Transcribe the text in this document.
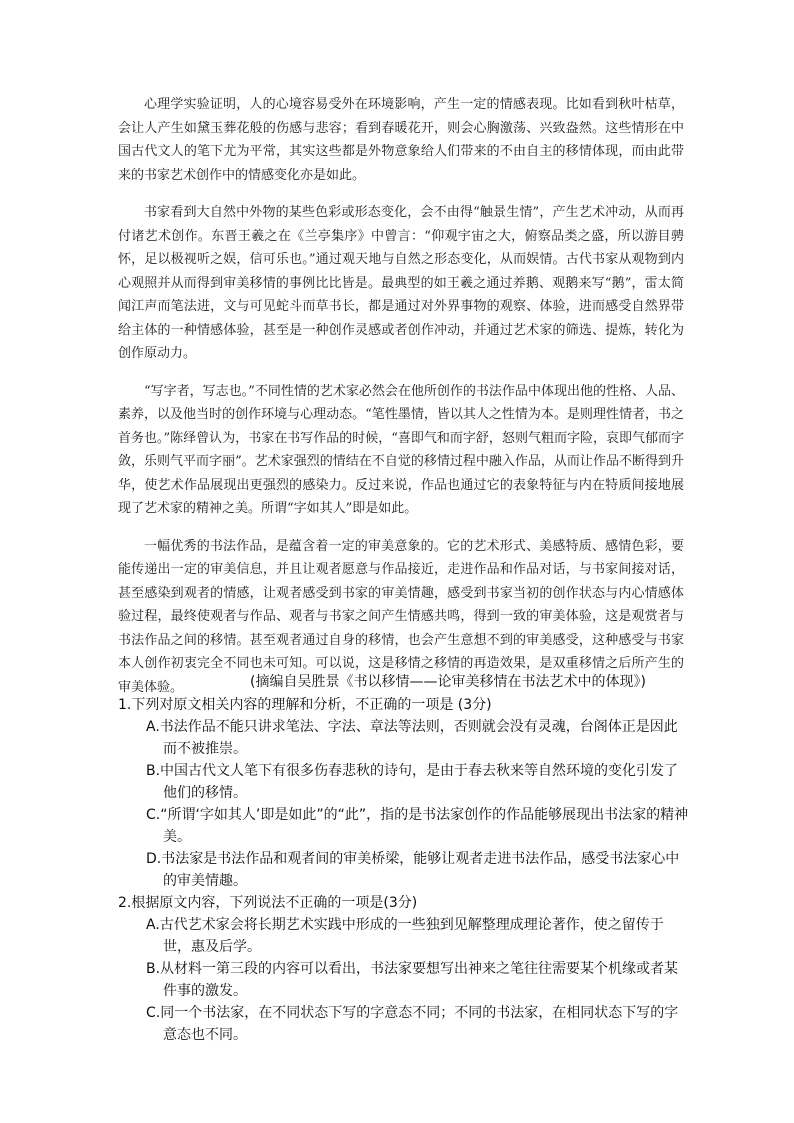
心理学实验证明，人的心境容易受外在环境影响，产生一定的情感表现。比如看到秋叶枯草，会让人产生如黛玉葬花般的伤感与悲容；看到春暖花开，则会心胸激荡、兴致盎然。这些情形在中国古代文人的笔下尤为平常，其实这些都是外物意象给人们带来的不由自主的移情体现，而由此带来的书家艺术创作中的情感变化亦是如此。

书家看到大自然中外物的某些色彩或形态变化，会不由得“触景生情”，产生艺术冲动，从而再付诸艺术创作。东晋王羲之在《兰亭集序》中曾言：“仰观宇宙之大，俯察品类之盛，所以游目骋怀，足以极视听之娱，信可乐也。”通过观天地与自然之形态变化，从而娱情。古代书家从观物到内心观照并从而得到审美移情的事例比比皆是。最典型的如王羲之通过养鹅、观鹅来写“鹅”，雷太简闻江声而笔法进，文与可见蛇斗而草书长，都是通过对外界事物的观察、体验，进而感受自然界带给主体的一种情感体验，甚至是一种创作灵感或者创作冲动，并通过艺术家的筛选、提炼，转化为创作原动力。

“写字者，写志也。”不同性情的艺术家必然会在他所创作的书法作品中体现出他的性格、人品、素养，以及他当时的创作环境与心理动态。“笔性墨情，皆以其人之性情为本。是则理性情者，书之首务也。”陈绎曾认为，书家在书写作品的时候，“喜即气和而字舒，怒则气粗而字险，哀即气郁而字敛，乐则气平而字丽”。艺术家强烈的情结在不自觉的移情过程中融入作品，从而让作品不断得到升华，使艺术作品展现出更强烈的感染力。反过来说，作品也通过它的表象特征与内在特质间接地展现了艺术家的精神之美。所谓“字如其人”即是如此。

一幅优秀的书法作品，是蕴含着一定的审美意象的。它的艺术形式、美感特质、感情色彩，要能传递出一定的审美信息，并且让观者愿意与作品接近，走进作品和作品对话，与书家间接对话，甚至感染到观者的情感，让观者感受到书家的审美情趣，感受到书家当初的创作状态与内心情感体验过程，最终使观者与作品、观者与书家之间产生情感共鸣，得到一致的审美体验，这是观赏者与书法作品之间的移情。甚至观者通过自身的移情，也会产生意想不到的审美感受，这种感受与书家本人创作初衷完全不同也未可知。可以说，这是移情之移情的再造效果，是双重移情之后所产生的审美体验。	(摘编自吴胜景《书以移情——论审美移情在书法艺术中的体现》)

1.下列对原文相关内容的理解和分析，不正确的一项是 (3分)

A.书法作品不能只讲求笔法、字法、章法等法则，否则就会没有灵魂，台阁体正是因此而不被推崇。

B.中国古代文人笔下有很多伤春悲秋的诗句，是由于春去秋来等自然环境的变化引发了他们的移情。

C.“所谓‘字如其人’即是如此”的“此”，指的是书法家创作的作品能够展现出书法家的精神美。

D.书法家是书法作品和观者间的审美桥梁，能够让观者走进书法作品，感受书法家心中的审美情趣。

2.根据原文内容，下列说法不正确的一项是(3分)

A.古代艺术家会将长期艺术实践中形成的一些独到见解整理成理论著作，使之留传于世，惠及后学。

B.从材料一第三段的内容可以看出，书法家要想写出神来之笔往往需要某个机缘或者某件事的激发。

C.同一个书法家，在不同状态下写的字意态不同；不同的书法家，在相同状态下写的字意态也不同。
